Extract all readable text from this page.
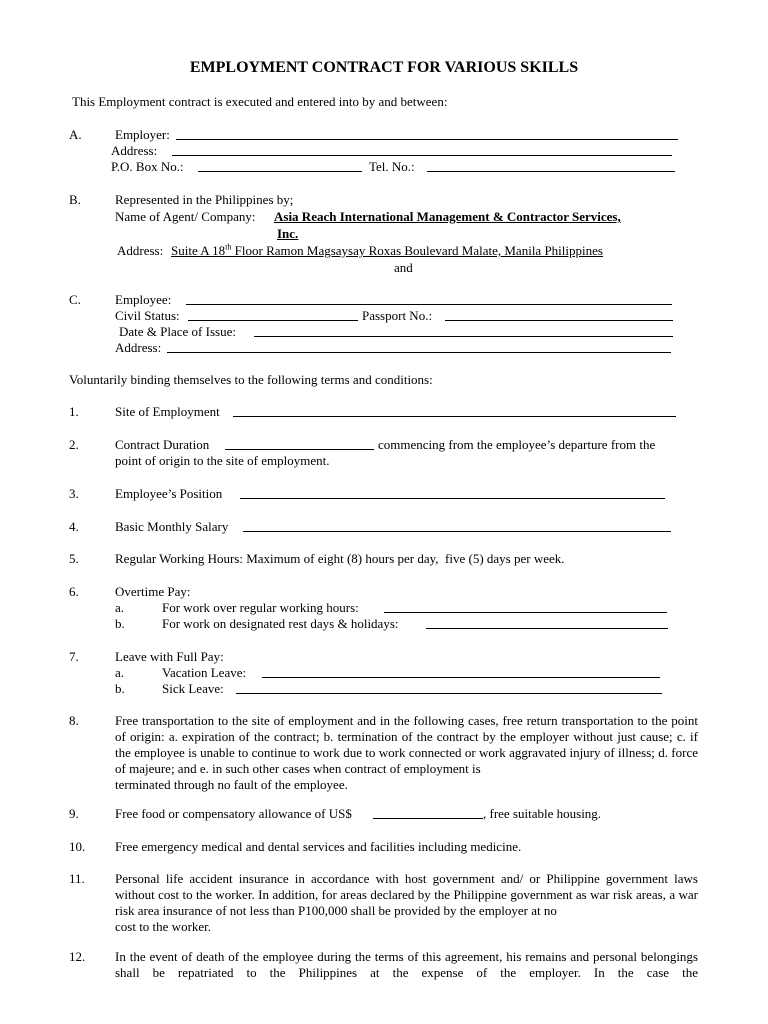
EMPLOYMENT CONTRACT FOR VARIOUS SKILLS
This Employment contract is executed and entered into by and between:
A.	Employer:
Address:
P.O. Box No.:	Tel. No.:
B.	Represented in the Philippines by;
Name of Agent/ Company: Asia Reach International Management & Contractor Services,
Inc.
Address: Suite A 18th Floor Ramon Magsaysay Roxas Boulevard Malate, Manila Philippines
and
C.	Employee:
Civil Status:	Passport No.:
Date & Place of Issue:
Address:
Voluntarily binding themselves to the following terms and conditions:
1.	Site of Employment
2.	Contract Duration	commencing from the employee’s departure from the
point of origin to the site of employment.
3.	Employee’s Position
4.	Basic Monthly Salary
5.	Regular Working Hours: Maximum of eight (8) hours per day,  five (5) days per week.
6.	Overtime Pay:
a.	For work over regular working hours:
b.	For work on designated rest days & holidays:
7.	Leave with Full Pay:
a.	Vacation Leave:
b.	Sick Leave:
8.	Free transportation to the site of employment and in the following cases, free return transportation to the point of origin: a. expiration of the contract; b. termination of the contract by the employer without just cause; c. if the employee is unable to continue to work due to work connected or work aggravated injury of illness; d. force of majeure; and e. in such other cases when contract of employment is
terminated through no fault of the employee.
9.	Free food or compensatory allowance of US$	, free suitable housing.
10. Free emergency medical and dental services and facilities including medicine.
11. Personal life accident insurance in accordance with host government and/ or Philippine government laws without cost to the worker. In addition, for areas declared by the Philippine government as war risk areas, a war risk area insurance of not less than P100,000 shall be provided by the employer at no
cost to the worker.
12. In the event of death of the employee during the terms of this agreement, his remains and personal belongings shall be repatriated to the Philippines at the expense of the employer. In the case the
